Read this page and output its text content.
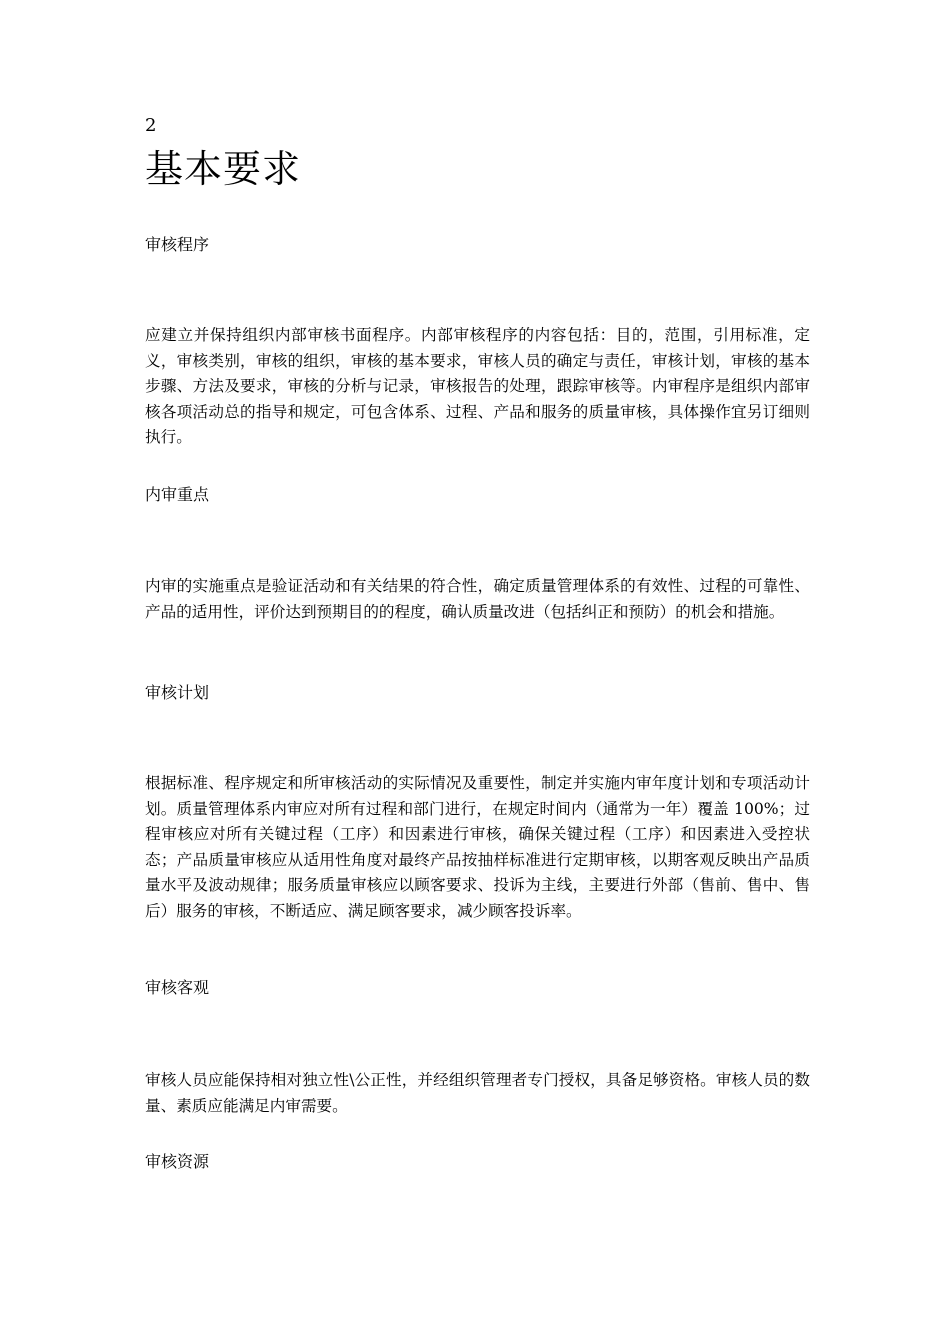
2
基本要求
审核程序

应建立并保持组织内部审核书面程序。内部审核程序的内容包括：目的，范围，引用标准，定义，审核类别，审核的组织，审核的基本要求，审核人员的确定与责任，审核计划，审核的基本步骤、方法及要求，审核的分析与记录，审核报告的处理，跟踪审核等。内审程序是组织内部审核各项活动总的指导和规定，可包含体系、过程、产品和服务的质量审核，具体操作宜另订细则执行。

内审重点

内审的实施重点是验证活动和有关结果的符合性，确定质量管理体系的有效性、过程的可靠性、产品的适用性，评价达到预期目的的程度，确认质量改进（包括纠正和预防）的机会和措施。

审核计划

根据标准、程序规定和所审核活动的实际情况及重要性，制定并实施内审年度计划和专项活动计划。质量管理体系内审应对所有过程和部门进行，在规定时间内（通常为一年）覆盖 100%；过程审核应对所有关键过程（工序）和因素进行审核，确保关键过程（工序）和因素进入受控状态；产品质量审核应从适用性角度对最终产品按抽样标准进行定期审核，以期客观反映出产品质量水平及波动规律；服务质量审核应以顾客要求、投诉为主线，主要进行外部（售前、售中、售后）服务的审核，不断适应、满足顾客要求，减少顾客投诉率。

审核客观

审核人员应能保持相对独立性\公正性，并经组织管理者专门授权，具备足够资格。审核人员的数量、素质应能满足内审需要。

审核资源
